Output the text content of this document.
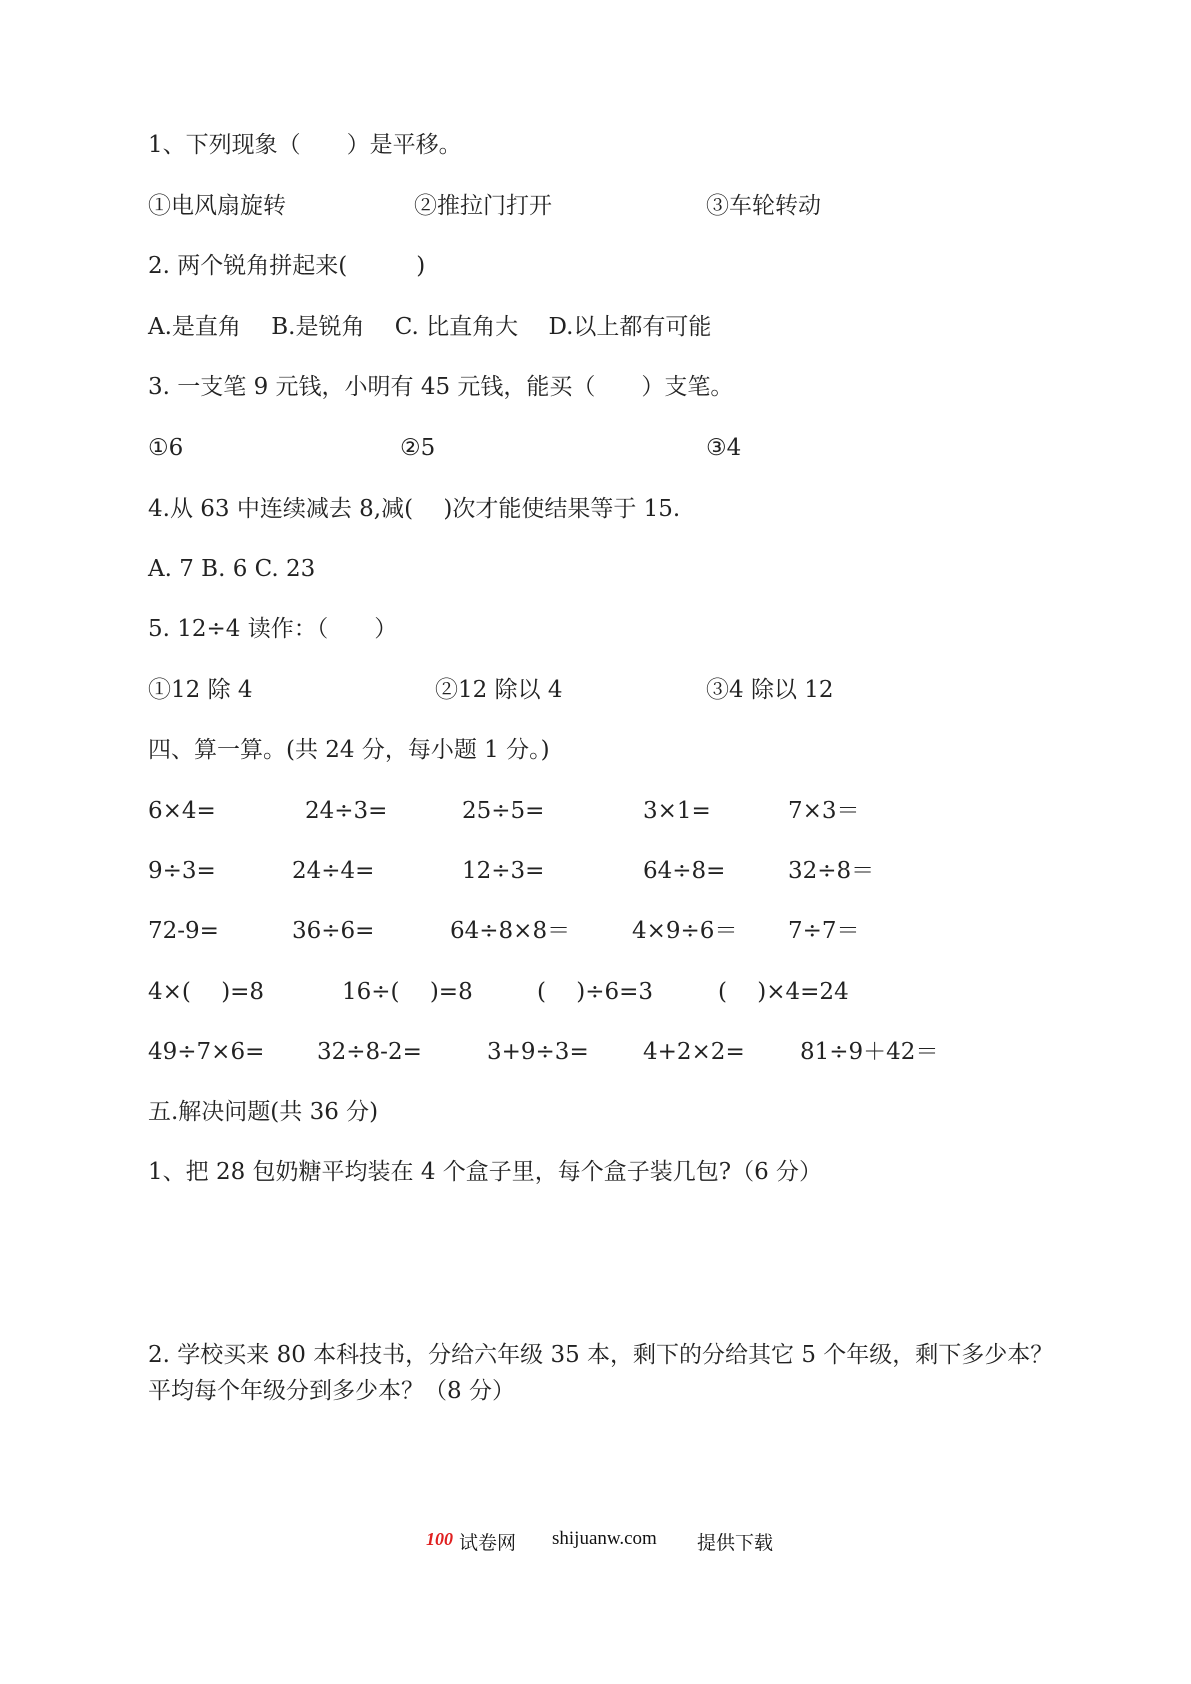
1、下列现象（　　）是平移。
①电风扇旋转	②推拉门打开	③车轮转动
2. 两个锐角拼起来(　　　)
A.是直角　 B.是锐角　 C. 比直角大　 D.以上都有可能
3. 一支笔 9 元钱，小明有 45 元钱，能买（　　）支笔。
①6	②5	③4
4.从 63 中连续减去 8,减(　 )次才能使结果等于 15.
A. 7 B. 6 C. 23
5. 12÷4 读作：（　　）
①12 除 4	②12 除以 4	③4 除以 12
四、算一算。(共 24 分，每小题 1 分。)
6×4=	24÷3=	25÷5=	3×1=	7×3＝
9÷3=	24÷4=	12÷3=	64÷8=	32÷8＝
72-9=	36÷6=	64÷8×8＝	4×9÷6＝ 7÷7＝
4×(　 )=8	16÷(　 )=8	(　 )÷6=3	(　 )×4=24
49÷7×6= 32÷8-2=	3+9÷3= 4+2×2= 81÷9＋42＝
五.解决问题(共 36 分)
1、把 28 包奶糖平均装在 4 个盒子里，每个盒子装几包?（6 分）
2. 学校买来 80 本科技书，分给六年级 35 本，剩下的分给其它 5 个年级，剩下多少本？
平均每个年级分到多少本？（8 分）
100 试卷网 shijuanw.com 提供下载
